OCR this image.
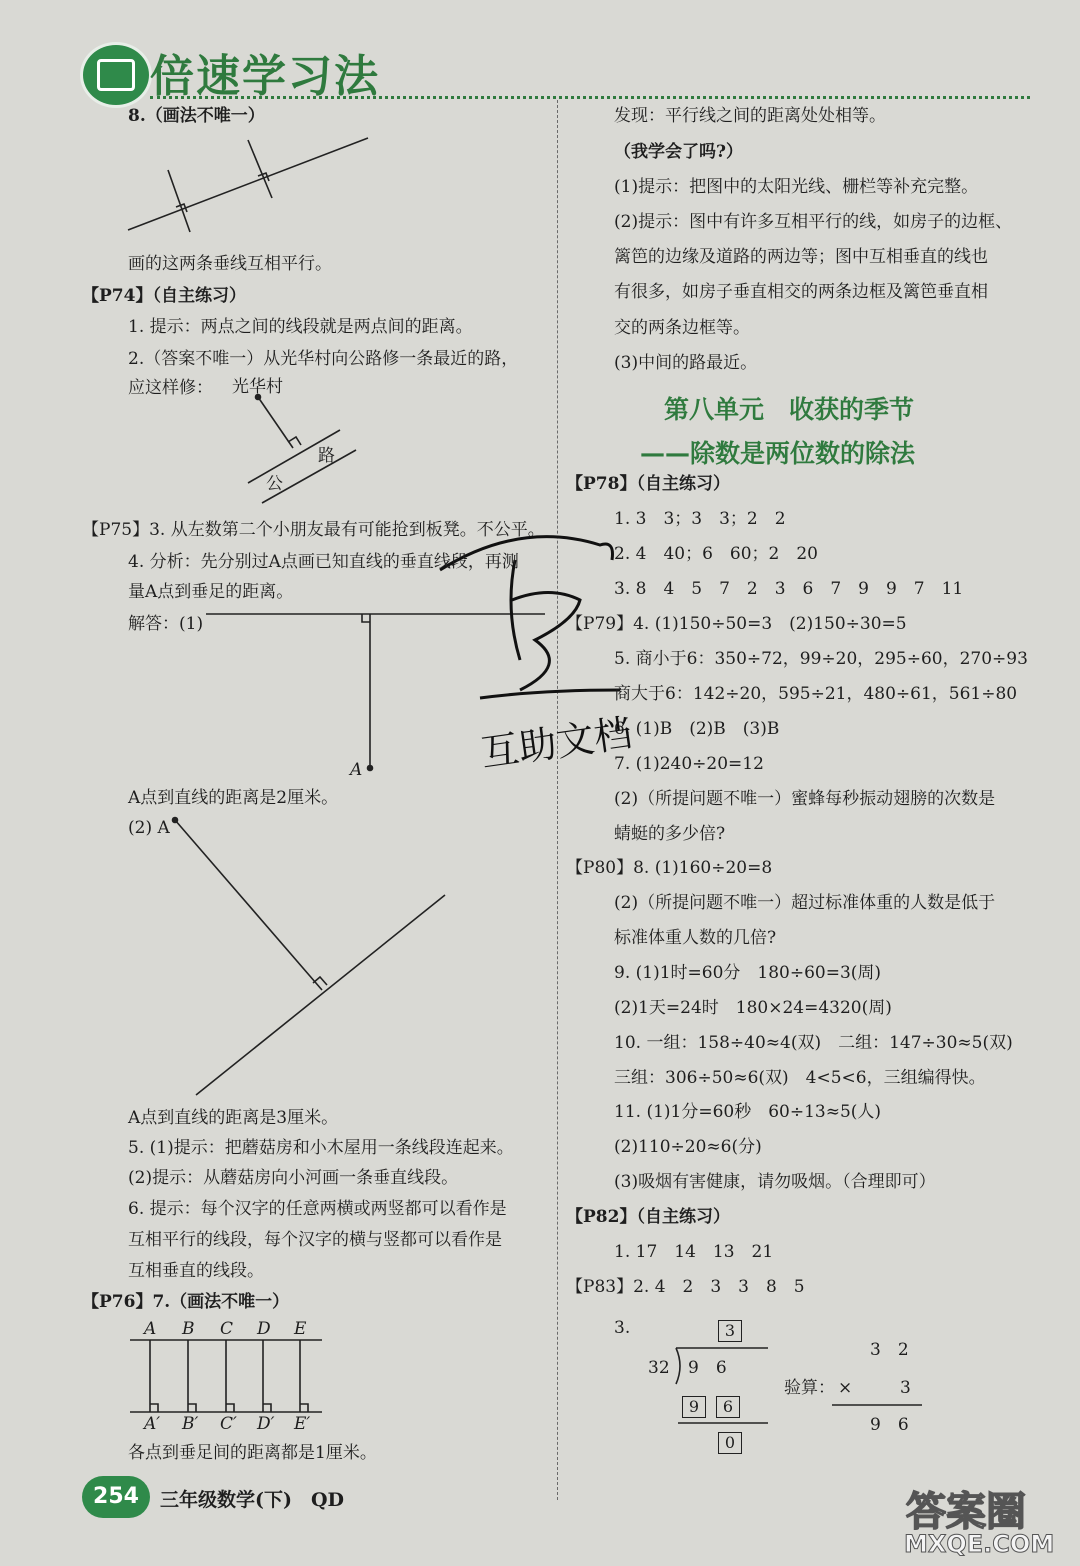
倍速学习法
8.（画法不唯一）
画的这两条垂线互相平行。
【P74】（自主练习）
1. 提示：两点之间的线段就是两点间的距离。
2.（答案不唯一）从光华村向公路修一条最近的路，
应这样修： 光华村
路
公
【P75】3. 从左数第二个小朋友最有可能抢到板凳。不公平。
4. 分析：先分别过A点画已知直线的垂直线段，再测
量A点到垂足的距离。
解答：(1)
A
A点到直线的距离是2厘米。
(2) A
A点到直线的距离是3厘米。
5. (1)提示：把蘑菇房和小木屋用一条线段连起来。
(2)提示：从蘑菇房向小河画一条垂直线段。
6. 提示：每个汉字的任意两横或两竖都可以看作是
互相平行的线段，每个汉字的横与竖都可以看作是
互相垂直的线段。
【P76】7.（画法不唯一）
A B C D E
A′ B′ C′ D′ E′
各点到垂足间的距离都是1厘米。
发现：平行线之间的距离处处相等。
（我学会了吗?）
(1)提示：把图中的太阳光线、栅栏等补充完整。
(2)提示：图中有许多互相平行的线，如房子的边框、
篱笆的边缘及道路的两边等；图中互相垂直的线也
有很多，如房子垂直相交的两条边框及篱笆垂直相
交的两条边框等。
(3)中间的路最近。
第八单元　收获的季节
——除数是两位数的除法
【P78】（自主练习）
1. 3　3；3　3；2　2
2. 4　40；6　60；2　20
3. 8　4　5　7　2　3　6　7　9　9　7　11
【P79】4. (1)150÷50=3　(2)150÷30=5
5. 商小于6：350÷72，99÷20，295÷60，270÷93
商大于6：142÷20，595÷21，480÷61，561÷80
6. (1)B　(2)B　(3)B
7. (1)240÷20=12
(2)（所提问题不唯一）蜜蜂每秒振动翅膀的次数是
蜻蜓的多少倍?
【P80】8. (1)160÷20=8
(2)（所提问题不唯一）超过标准体重的人数是低于
标准体重人数的几倍?
9. (1)1时=60分　180÷60=3(周)
(2)1天=24时　180×24=4320(周)
10. 一组：158÷40≈4(双)　二组：147÷30≈5(双)
三组：306÷50≈6(双)　4<5<6，三组编得快。
11. (1)1分=60秒　60÷13≈5(人)
(2)110÷20≈6(分)
(3)吸烟有害健康，请勿吸烟。（合理即可）
【P82】（自主练习）
1. 17　14　13　21
【P83】2. 4　2　3　3　8　5
3.	3
32 9　6
9	6
0
3　2
验算： ×	3
9　6
254	三年级数学(下)　QD
互助文档
答案圈
MXQE.COM
